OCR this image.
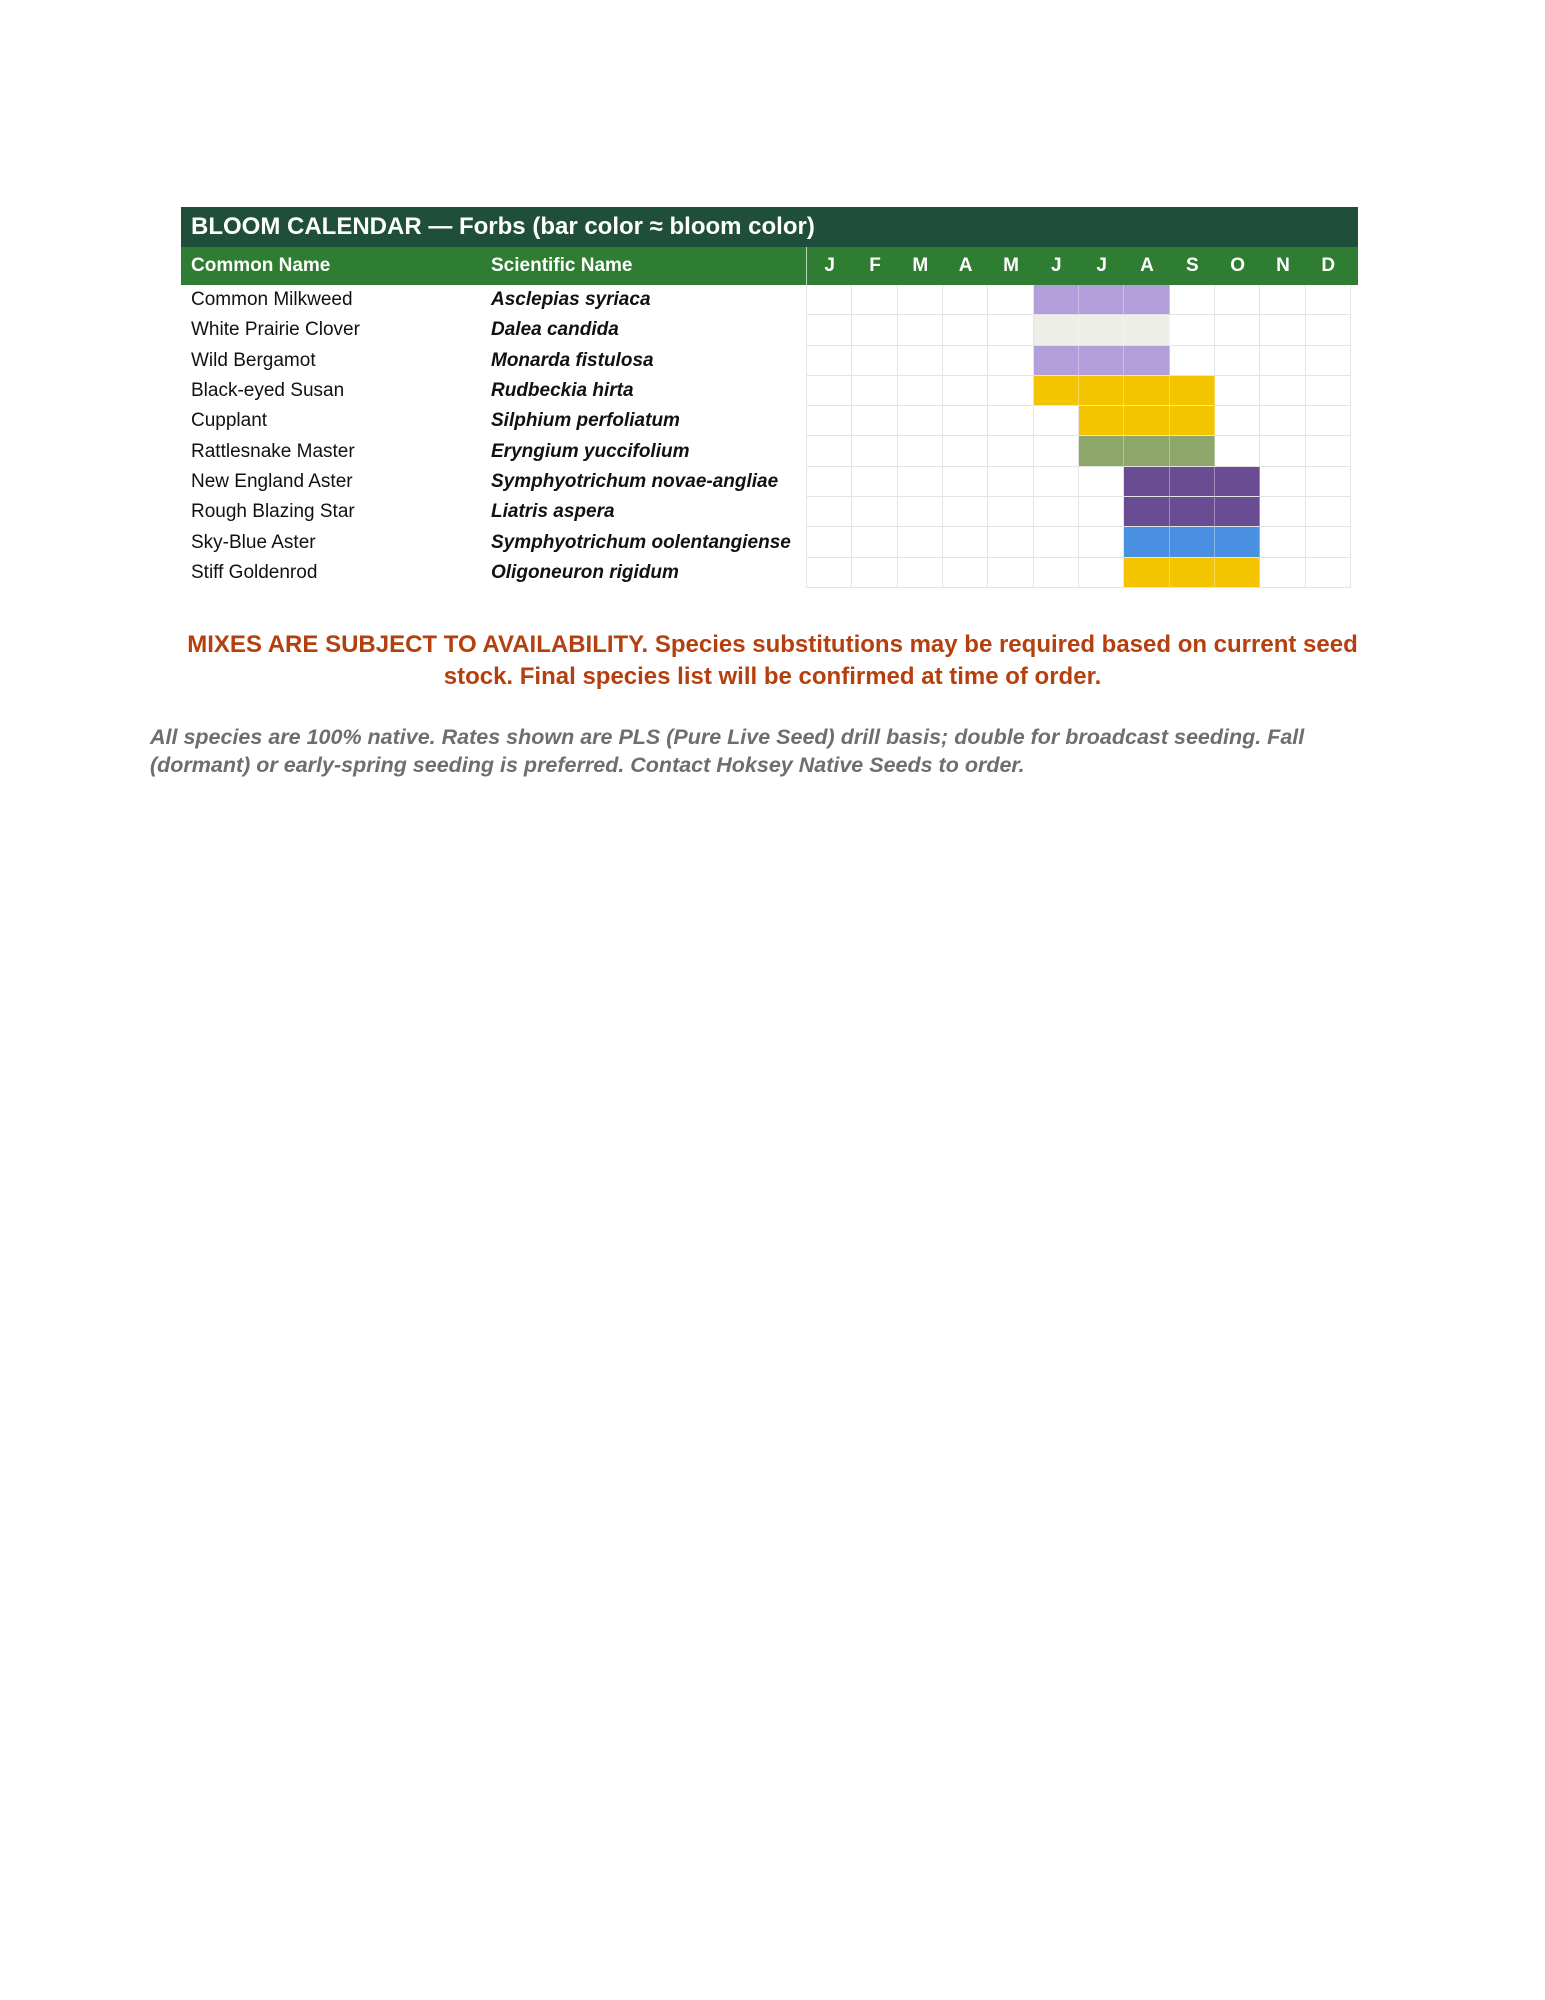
BLOOM CALENDAR — Forbs (bar color ≈ bloom color)
Common Name	Scientific Name	J	F	M	A	M	J	J	A	S	O	N	D
Common Milkweed	Asclepias syriaca
White Prairie Clover	Dalea candida
Wild Bergamot	Monarda fistulosa
Black-eyed Susan	Rudbeckia hirta
Cupplant	Silphium perfoliatum
Rattlesnake Master	Eryngium yuccifolium
New England Aster	Symphyotrichum novae-angliae
Rough Blazing Star	Liatris aspera
Sky-Blue Aster	Symphyotrichum oolentangiense
Stiff Goldenrod	Oligoneuron rigidum
MIXES ARE SUBJECT TO AVAILABILITY. Species substitutions may be required based on current seed stock. Final species list will be confirmed at time of order.
All species are 100% native. Rates shown are PLS (Pure Live Seed) drill basis; double for broadcast seeding. Fall (dormant) or early-spring seeding is preferred. Contact Hoksey Native Seeds to order.
